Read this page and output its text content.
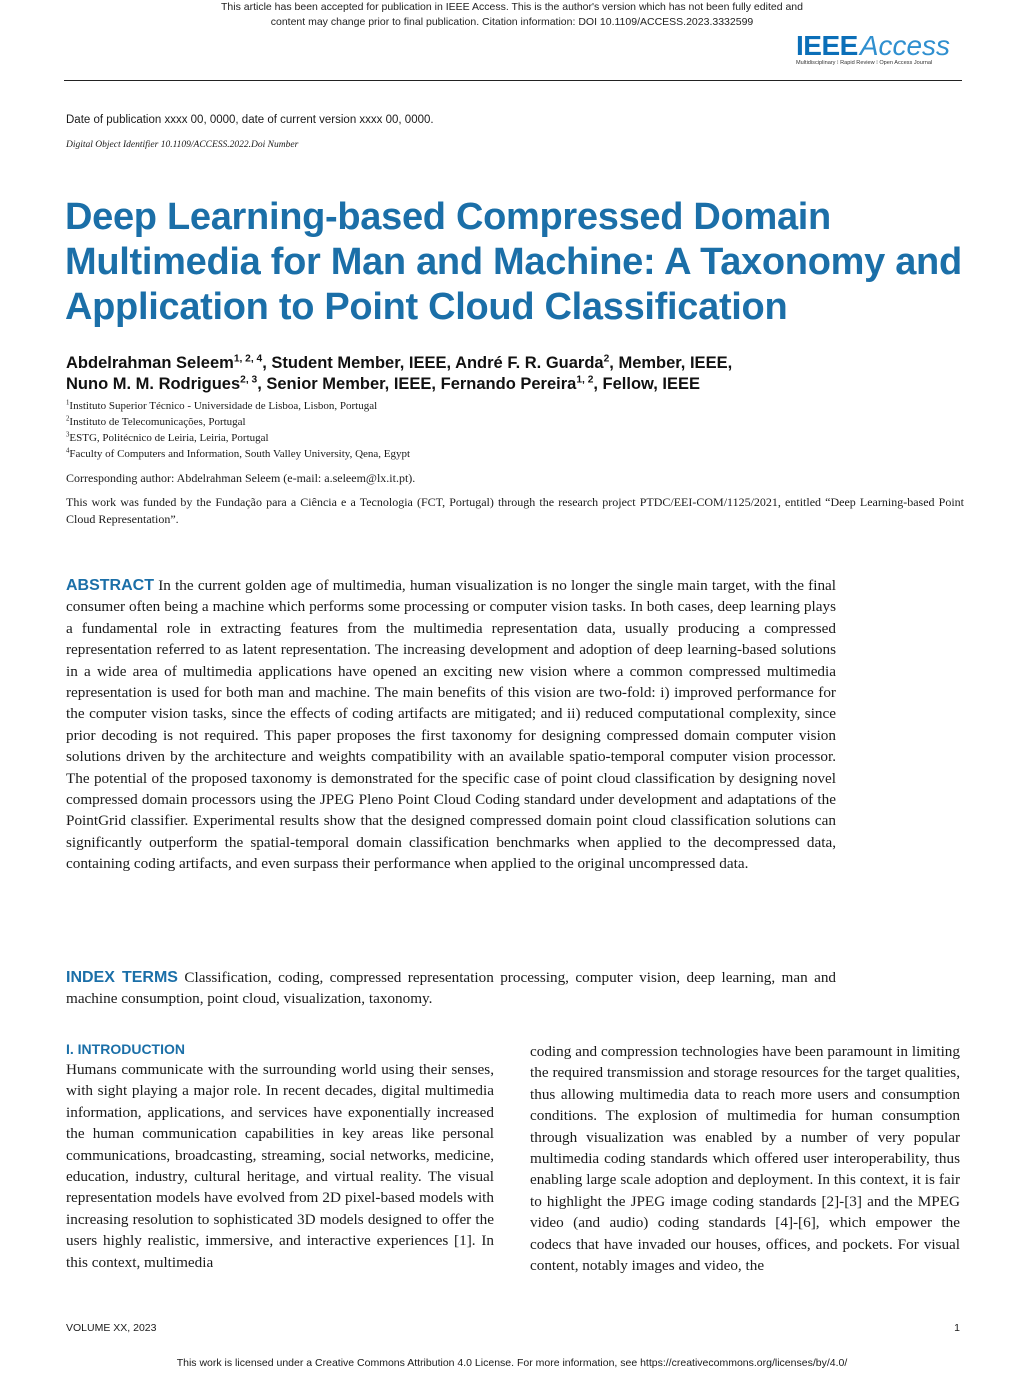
This article has been accepted for publication in IEEE Access. This is the author's version which has not been fully edited and
content may change prior to final publication. Citation information: DOI 10.1109/ACCESS.2023.3332599
IEEEAccess
Multidisciplinary ⁞ Rapid Review ⁞ Open Access Journal
Date of publication xxxx 00, 0000, date of current version xxxx 00, 0000.
Digital Object Identifier 10.1109/ACCESS.2022.Doi Number
Deep Learning-based Compressed Domain Multimedia for Man and Machine: A Taxonomy and Application to Point Cloud Classification
Abdelrahman Seleem$^{1, 2, 4}$, Student Member, IEEE, André F. R. Guarda$^2$, Member, IEEE,
Nuno M. M. Rodrigues$^{2, 3}$, Senior Member, IEEE, Fernando Pereira$^{1, 2}$, Fellow, IEEE
$^1$Instituto Superior Técnico - Universidade de Lisboa, Lisbon, Portugal
$^2$Instituto de Telecomunicações, Portugal
$^3$ESTG, Politécnico de Leiria, Leiria, Portugal
$^4$Faculty of Computers and Information, South Valley University, Qena, Egypt
Corresponding author: Abdelrahman Seleem (e-mail: a.seleem@lx.it.pt).
This work was funded by the Fundação para a Ciência e a Tecnologia (FCT, Portugal) through the research project PTDC/EEI-COM/1125/2021, entitled “Deep Learning-based Point Cloud Representation”.
ABSTRACT In the current golden age of multimedia, human visualization is no longer the single main target, with the final consumer often being a machine which performs some processing or computer vision tasks. In both cases, deep learning plays a fundamental role in extracting features from the multimedia representation data, usually producing a compressed representation referred to as latent representation. The increasing development and adoption of deep learning-based solutions in a wide area of multimedia applications have opened an exciting new vision where a common compressed multimedia representation is used for both man and machine. The main benefits of this vision are two-fold: i) improved performance for the computer vision tasks, since the effects of coding artifacts are mitigated; and ii) reduced computational complexity, since prior decoding is not required. This paper proposes the first taxonomy for designing compressed domain computer vision solutions driven by the architecture and weights compatibility with an available spatio-temporal computer vision processor. The potential of the proposed taxonomy is demonstrated for the specific case of point cloud classification by designing novel compressed domain processors using the JPEG Pleno Point Cloud Coding standard under development and adaptations of the PointGrid classifier. Experimental results show that the designed compressed domain point cloud classification solutions can significantly outperform the spatial-temporal domain classification benchmarks when applied to the decompressed data, containing coding artifacts, and even surpass their performance when applied to the original uncompressed data.
INDEX TERMS Classification, coding, compressed representation processing, computer vision, deep learning, man and machine consumption, point cloud, visualization, taxonomy.
I. INTRODUCTION
Humans communicate with the surrounding world using their senses, with sight playing a major role. In recent decades, digital multimedia information, applications, and services have exponentially increased the human communication capabilities in key areas like personal communications, broadcasting, streaming, social networks, medicine, education, industry, cultural heritage, and virtual reality. The visual representation models have evolved from 2D pixel-based models with increasing resolution to sophisticated 3D models designed to offer the users highly realistic, immersive, and interactive experiences [1]. In this context, multimedia
coding and compression technologies have been paramount in limiting the required transmission and storage resources for the target qualities, thus allowing multimedia data to reach more users and consumption conditions. The explosion of multimedia for human consumption through visualization was enabled by a number of very popular multimedia coding standards which offered user interoperability, thus enabling large scale adoption and deployment. In this context, it is fair to highlight the JPEG image coding standards [2]-[3] and the MPEG video (and audio) coding standards [4]-[6], which empower the codecs that have invaded our houses, offices, and pockets. For visual content, notably images and video, the
VOLUME XX, 2023	1
This work is licensed under a Creative Commons Attribution 4.0 License. For more information, see https://creativecommons.org/licenses/by/4.0/
